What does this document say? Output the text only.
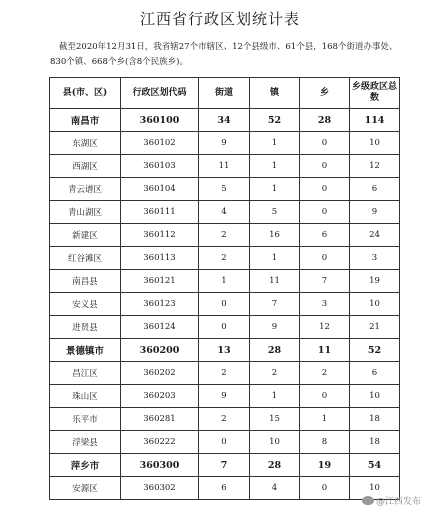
江西省行政区划统计表
截至2020年12月31日，我省辖27个市辖区、12个县级市、61个县，168个街道办事处、830个镇、668个乡(含8个民族乡)。
县(市、区)	行政区划代码	街道	镇	乡	乡级政区总数
南昌市	360100	34	52	28	114
东湖区	360102	9	1	0	10
西湖区	360103	11	1	0	12
青云谱区	360104	5	1	0	6
青山湖区	360111	4	5	0	9
新建区	360112	2	16	6	24
红谷滩区	360113	2	1	0	3
南昌县	360121	1	11	7	19
安义县	360123	0	7	3	10
进贤县	360124	0	9	12	21
景德镇市	360200	13	28	11	52
昌江区	360202	2	2	2	6
珠山区	360203	9	1	0	10
乐平市	360281	2	15	1	18
浮梁县	360222	0	10	8	18
萍乡市	360300	7	28	19	54
安源区	360302	6	4	0	10
@江西发布
